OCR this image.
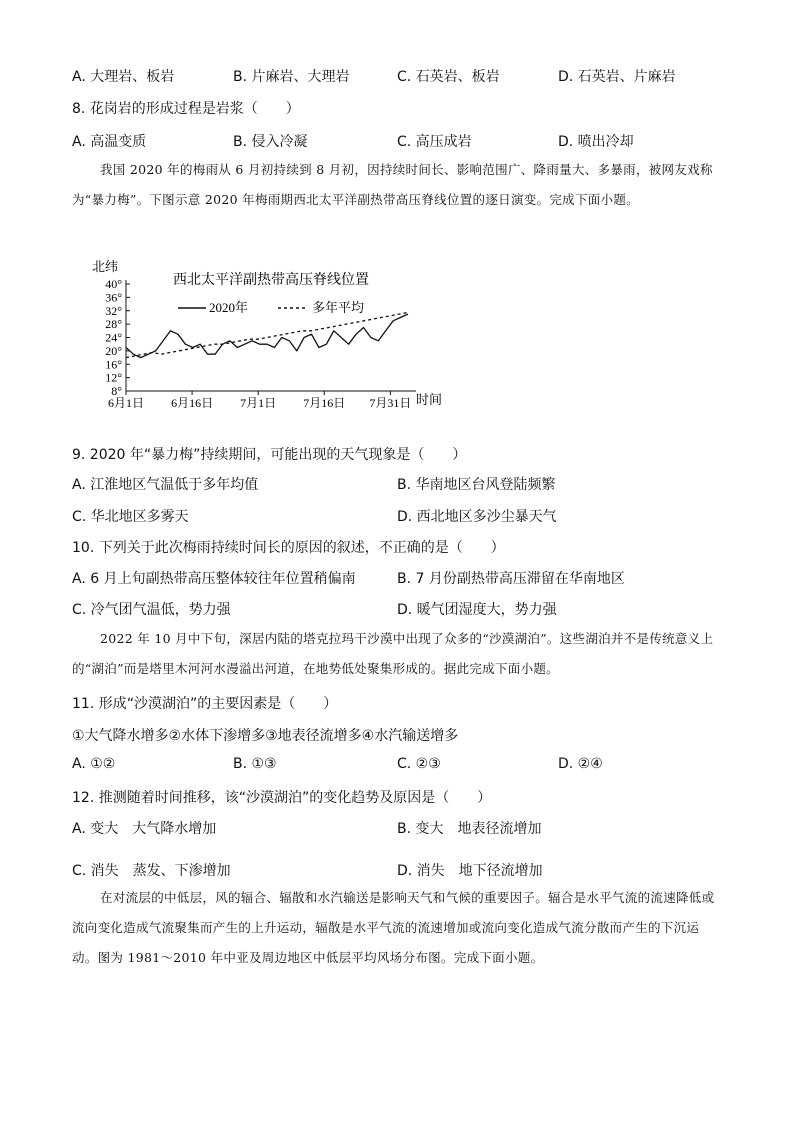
A. 大理岩、板岩	B. 片麻岩、大理岩	C. 石英岩、板岩	D. 石英岩、片麻岩
8. 花岗岩的形成过程是岩浆（　　）
A. 高温变质	B. 侵入冷凝	C. 高压成岩	D. 喷出冷却
我国 2020 年的梅雨从 6 月初持续到 8 月初，因持续时间长、影响范围广、降雨量大、多暴雨，被网友戏称为“暴力梅”。下图示意 2020 年梅雨期西北太平洋副热带高压脊线位置的逐日演变。完成下面小题。
40°
36°
32°
28°
24°
20°
16°
12°
8°
6月1日 6月16日 7月1日 7月16日 7月31日
西北太平洋副热带高压脊线位置
北纬
时间
2020年	多年平均
9. 2020 年“暴力梅”持续期间，可能出现的天气现象是（　　）
A. 江淮地区气温低于多年均值	B. 华南地区台风登陆频繁
C. 华北地区多雾天	D. 西北地区多沙尘暴天气
10. 下列关于此次梅雨持续时间长的原因的叙述，不正确的是（　　）
A. 6 月上旬副热带高压整体较往年位置稍偏南	B. 7 月份副热带高压滞留在华南地区
C. 冷气团气温低，势力强	D. 暖气团湿度大，势力强
2022 年 10 月中下旬，深居内陆的塔克拉玛干沙漠中出现了众多的“沙漠湖泊”。这些湖泊并不是传统意义上的“湖泊”而是塔里木河河水漫溢出河道，在地势低处聚集形成的。据此完成下面小题。
11. 形成“沙漠湖泊”的主要因素是（　　）
①大气降水增多②水体下渗增多③地表径流增多④水汽输送增多
A. ①②	B. ①③	C. ②③	D. ②④
12. 推测随着时间推移，该“沙漠湖泊”的变化趋势及原因是（　　）
A. 变大　大气降水增加	B. 变大　地表径流增加
C. 消失　蒸发、下渗增加	D. 消失　地下径流增加
在对流层的中低层，风的辐合、辐散和水汽输送是影响天气和气候的重要因子。辐合是水平气流的流速降低或流向变化造成气流聚集而产生的上升运动，辐散是水平气流的流速增加或流向变化造成气流分散而产生的下沉运动。图为 1981～2010 年中亚及周边地区中低层平均风场分布图。完成下面小题。
